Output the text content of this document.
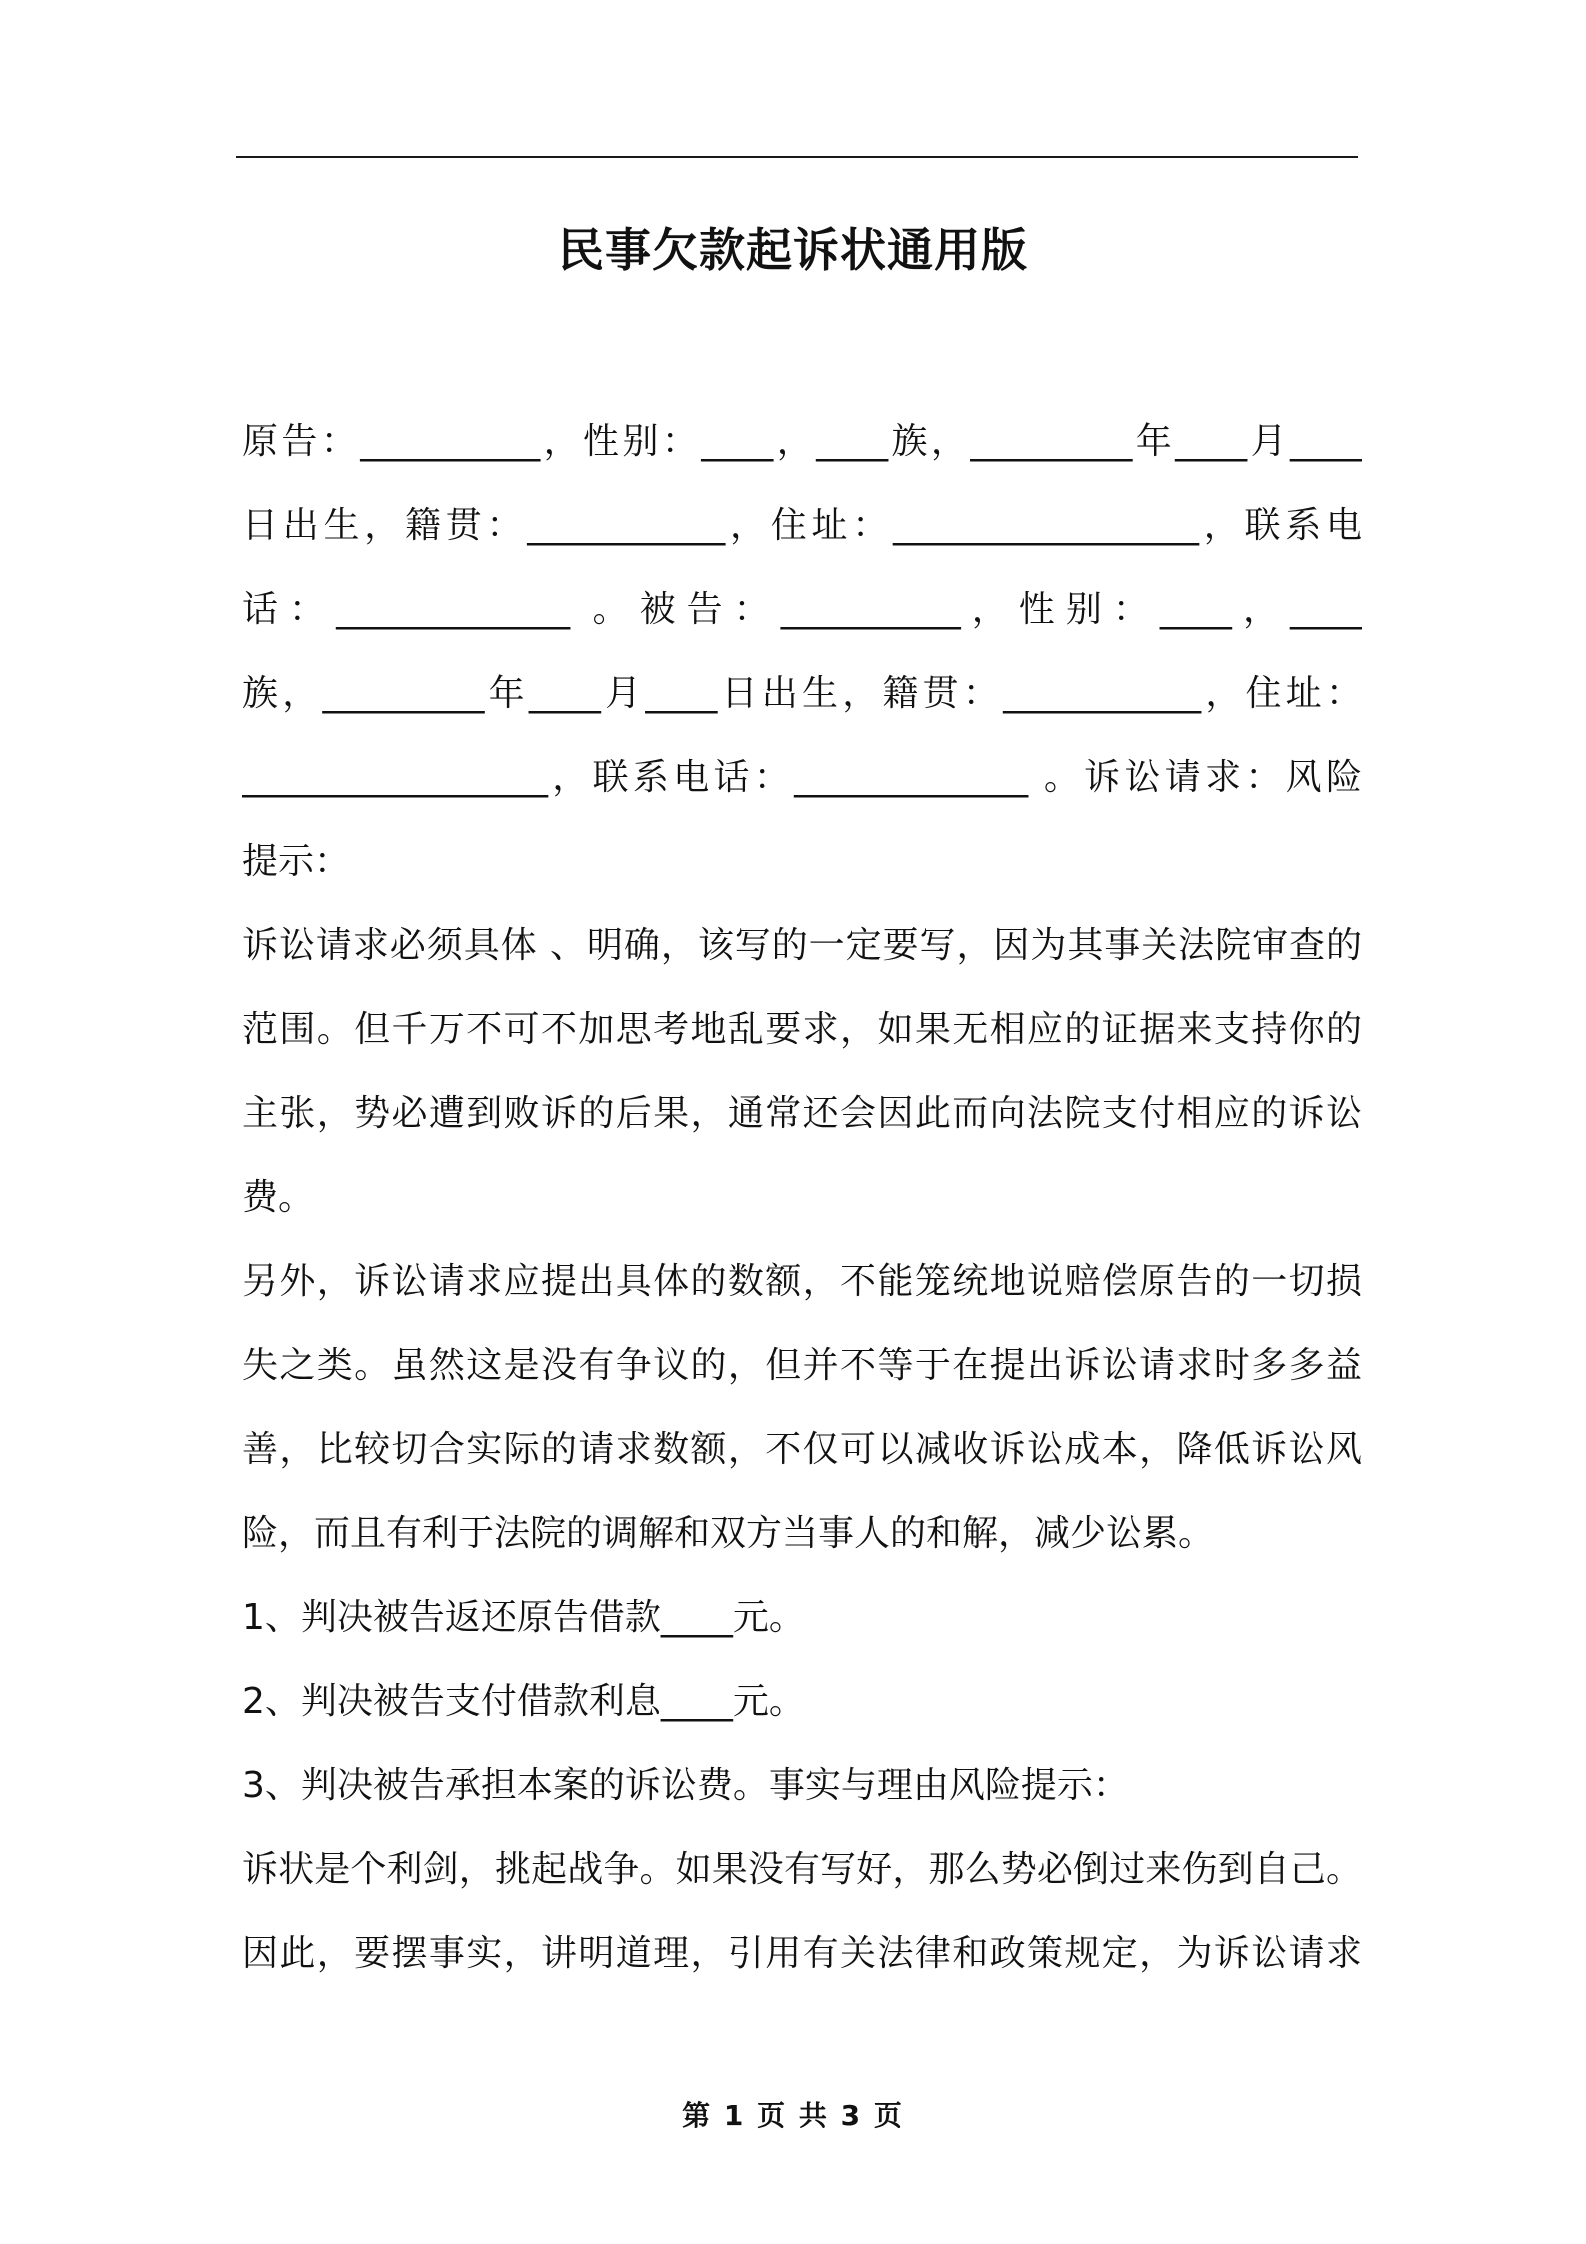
民事欠款起诉状通用版
原告：__________，性别：____，____族，_________年____月____
日出生，籍贯：___________，住址：_________________，联系电
话：_____________ 。被告：__________，性别：____，____
族，_________年____月____日出生，籍贯：___________，住址：
_________________，联系电话：_____________ 。诉讼请求：风险
提示：
诉讼请求必须具体 、明确，该写的一定要写，因为其事关法院审查的
范围。但千万不可不加思考地乱要求，如果无相应的证据来支持你的
主张，势必遭到败诉的后果，通常还会因此而向法院支付相应的诉讼
费。
另外，诉讼请求应提出具体的数额，不能笼统地说赔偿原告的一切损
失之类。虽然这是没有争议的，但并不等于在提出诉讼请求时多多益
善，比较切合实际的请求数额，不仅可以减收诉讼成本，降低诉讼风
险，而且有利于法院的调解和双方当事人的和解，减少讼累。
1、判决被告返还原告借款____元。
2、判决被告支付借款利息____元。
3、判决被告承担本案的诉讼费。事实与理由风险提示：
诉状是个利剑，挑起战争。如果没有写好，那么势必倒过来伤到自己。
因此，要摆事实，讲明道理，引用有关法律和政策规定，为诉讼请求
第 1 页 共 3 页
